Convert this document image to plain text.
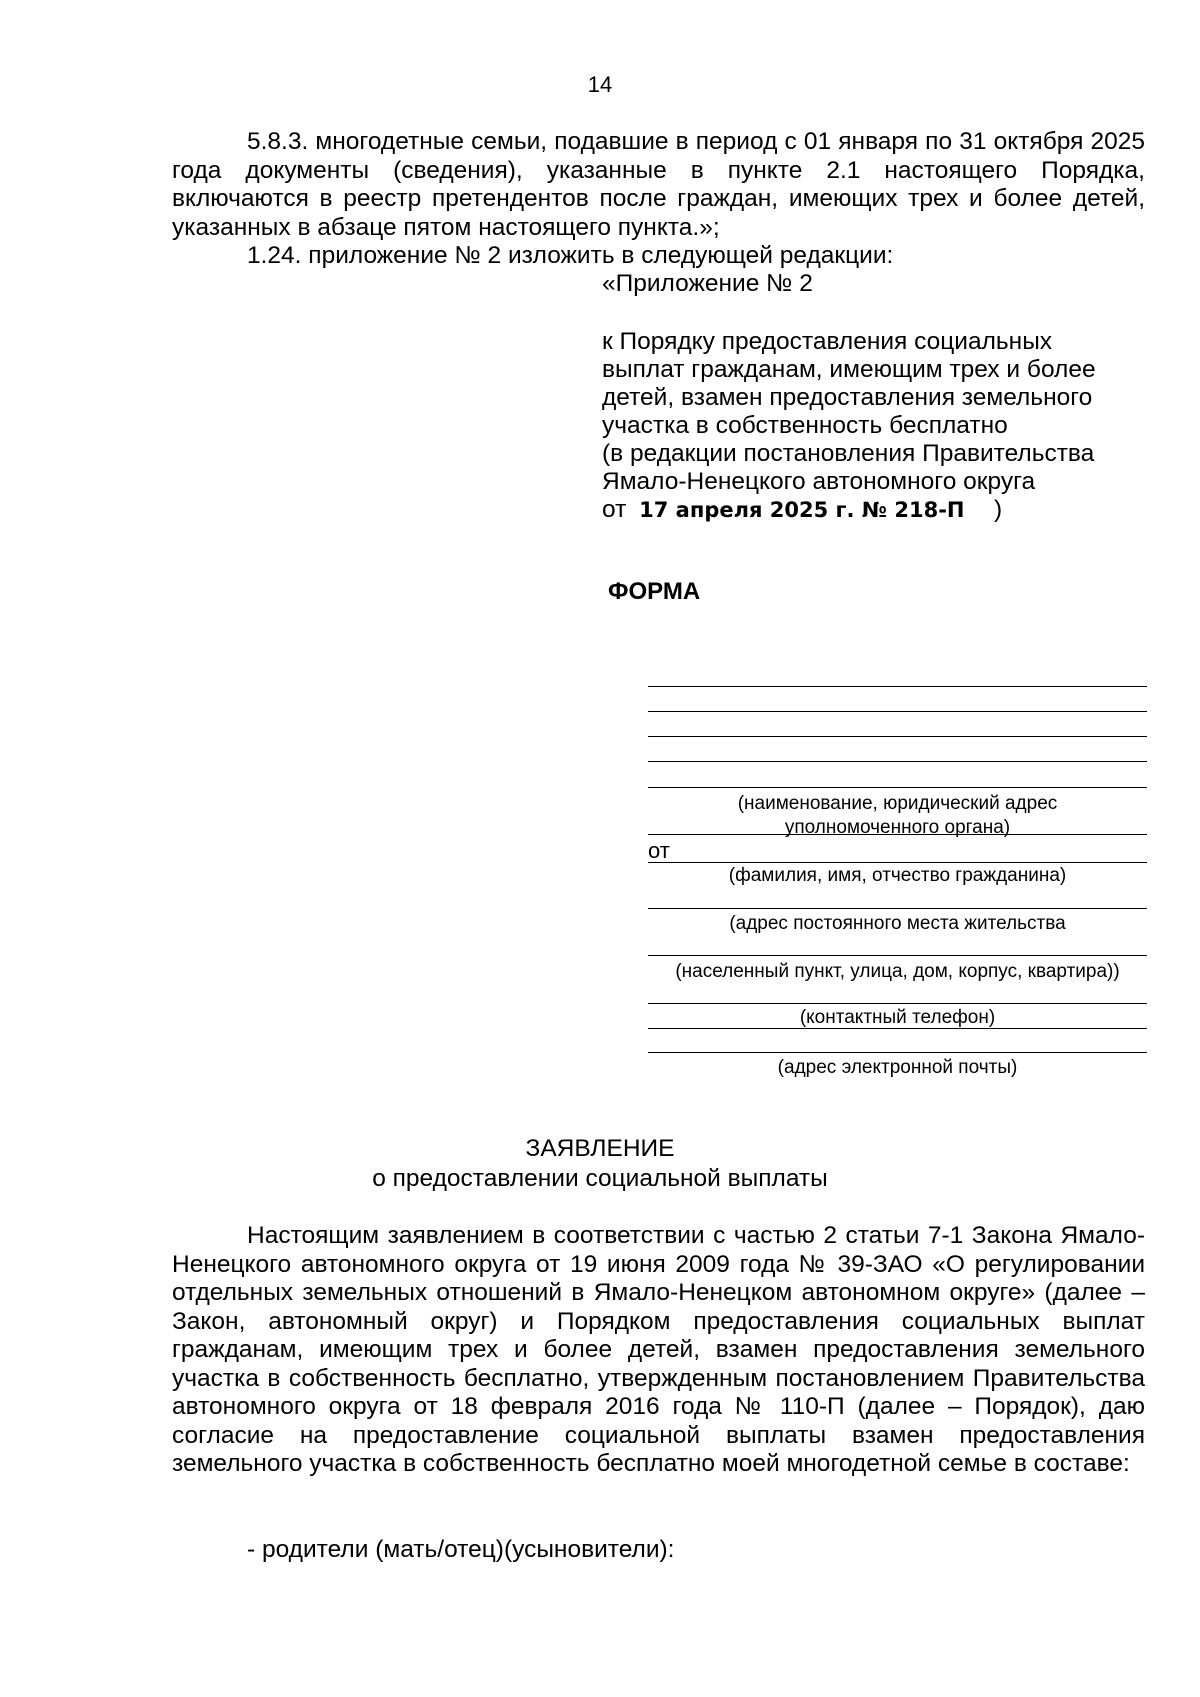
14

5.8.3. многодетные семьи, подавшие в период с 01 января по 31 октября 2025 года документы (сведения), указанные в пункте 2.1 настоящего Порядка, включаются в реестр претендентов после граждан, имеющих трех и более детей, указанных в абзаце пятом настоящего пункта.»;

1.24. приложение № 2 изложить в следующей редакции:

«Приложение № 2
к Порядку предоставления социальных
выплат гражданам, имеющим трех и более
детей, взамен предоставления земельного
участка в собственность бесплатно
(в редакции постановления Правительства
Ямало-Ненецкого автономного округа
от 17 апреля 2025 г. № 218-П )
ФОРМА
(наименование, юридический адрес
уполномоченного органа)
от
(фамилия, имя, отчество гражданина)
(адрес постоянного места жительства
(населенный пункт, улица, дом, корпус, квартира))
(контактный телефон)
(адрес электронной почты)
ЗАЯВЛЕНИЕ
о предоставлении социальной выплаты

Настоящим заявлением в соответствии с частью 2 статьи 7-1 Закона Ямало-Ненецкого автономного округа от 19 июня 2009 года № 39-ЗАО «О регулировании отдельных земельных отношений в Ямало-Ненецком автономном округе» (далее – Закон, автономный округ) и Порядком предоставления социальных выплат гражданам, имеющим трех и более детей, взамен предоставления земельного участка в собственность бесплатно, утвержденным постановлением Правительства автономного округа от 18 февраля 2016 года № 110-П (далее – Порядок), даю согласие на предоставление социальной выплаты взамен предоставления земельного участка в собственность бесплатно моей многодетной семье в составе:

- родители (мать/отец)(усыновители):
